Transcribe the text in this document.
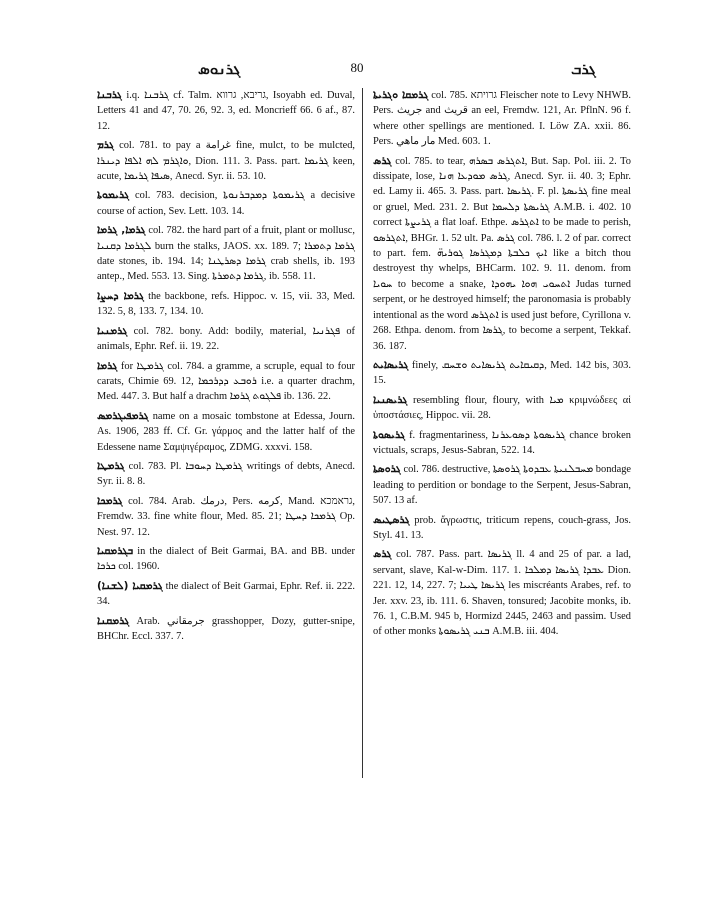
ܓܪܢܘܣ	80	ܓܪܒ

ܓܪܒܢܐ i.q. ܓܪܒܢܐ cf. Talm. גריבא, גרווא, Isoyabh ed. Duval, Letters 41 and 47, 70. 26, 92. 3, ed. Moncrieff 66. 6 af., 87. 12.

ܓܪܡ col. 781. to pay a غرامة fine, mulct, to be mulcted, ܘܐܓܪܡ ܠܗ ܐܠܦܐ ܕܝܢܪܐ, Dion. 111. 3. Pass. part. ܓܪܝܡܐ keen, acute, ܣܝܦܐ ܓܪܝܡܐ, Anecd. Syr. ii. 53. 10.

ܓܪܝܡܘܬܐ col. 783. decision, ܓܪܝܡܘܬܐ ܕܡܕܒܪܢܘܬܐ a decisive course of action, Sev. Lett. 103. 14.

ܓܪܡܐ, ܓܪܡܐ col. 782. the hard part of a fruit, plant or mollusc, ܠܓܪܡܐ ܕܩܢܝܐ burn the stalks, JAOS. xx. 189. 7; ܓܪܡܐ ܕܬܡܪܐ date stones, ib. 194. 14; ܓܪܡܐ ܕܣܪܛܢܐ crab shells, ib. 193 antep., Med. 553. 13. Sing. ܓܪܡܐ ܕܬܡܪܬܐ, ib. 558. 11.

ܓܪܡܐ ܕܚܨܐ the backbone, refs. Hippoc. v. 15, vii. 33, Med. 132. 5, 8, 133. 7, 134. 10.

ܓܪܡܢܝܐ col. 782. bony. Add: bodily, material, ܦܓܪܢܝܐ of animals, Ephr. Ref. ii. 19. 22.

ܓܪܡܐ for ܓܪܡܛܐ col. 784. a gramme, a scruple, equal to four carats, Chimie 69. 12, ܪܘܒܥ ܕܕܪܟܡܐ i.e. a quarter drachm, Med. 447. 3. But half a drachm ܦܠܓܘܬ ܓܪܡܐ ib. 136. 22.

ܓܪܡܦܝܓܪܡܣ name on a mosaic tombstone at Edessa, Journ. As. 1906, 283 ff. Cf. Gr. γάρμος and the latter half of the Edessene name Σαμψιγέραμος, ZDMG. xxxvi. 158.

ܓܪܡܛܐ col. 783. Pl. ܓܪܡܛܐ ܕܚܘܒܐ writings of debts, Anecd. Syr. ii. 8. 8.

ܓܪܡܟܐ col. 784. Arab. درمك, Pers. كرمه, Mand. גראמכא, Fremdw. 33. fine white flour, Med. 85. 21; ܓܪܡܟܐ ܕܚܛܐ Op. Nest. 97. 12.

ܒܓܪܡܩܝܐ in the dialect of Beit Garmai, BA. and BB. under ܟܪܟܐ col. 1960.

ܓܪܡܩܝܐ (ܠܫܢܐ) the dialect of Beit Garmai, Ephr. Ref. ii. 222. 34.

ܓܪܡܩܢܐ Arab. جرمقاني grasshopper, Dozy, gutter-snipe, BHChr. Eccl. 337. 7.

ܓܪܡܩܐ ܘܓܪܝܬܐ col. 785. גרויתא Fleischer note to Levy NHWB. Pers. جريث and قريث an eel, Fremdw. 121, Ar. PflnN. 96 f. where other spellings are mentioned. I. Löw ZA. xxii. 86. Pers. مار ماهي Med. 603. 1.

ܓܪܣ col. 785. to tear, ܐܬܓܪܣ ܒܣܪܗ, But. Sap. Pol. iii. 2. To dissipate, lose, ܓܪܣ ܡܘܕܥܐ ܗܢܐ, Anecd. Syr. ii. 40. 3; Ephr. ed. Lamy ii. 465. 3. Pass. part. ܓܪܝܣܐ. F. pl. ܓܪܝܣܬܐ fine meal or gruel, Med. 231. 2. But ܓܪܝܣܬܐ ܕܠܚܡܐ A.M.B. i. 402. 10 correct ܓܪܝܨܬܐ a flat loaf. Ethpe. ܐܬܓܪܣ to be made to perish, ܐܬܓܪܣܘ, BHGr. 1. 52 ult. Pa. ܓܪܣ col. 786. l. 2 of par. correct to part. fem. ܐܝܟ ܟܠܒܬܐ ܕܡܓܪܣܐ ܓܘܪܝܗ̈ like a bitch thou destroyest thy whelps, BHCarm. 102. 9. 11. denom. from ܚܘܝܐ to become a snake, ܐܬܚܘܝ ܗܘܐ ܝܗܘܕܐ Judas turned serpent, or he destroyed himself; the paronomasia is probably intentional as the word ܐܬܓܪܣ is used just before, Cyrillona v. 268. Ethpa. denom. from ܓܪܣܐ, to become a serpent, Tekkaf. 36. 187.

ܓܪܝܣܐܝܬ finely, ܕܩܝܩܐܝܬ ܓܪܝܣܐܝܬ ܘܫܚܩ, Med. 142 bis, 303. 15.

ܓܪܝܣܢܝܐ resembling flour, floury, with ܡܝܐ κριμνώδεες αἱ ὑποστάσιες, Hippoc. vii. 28.

ܓܪܝܣܘܬܐ f. fragmentariness, ܓܪܝܣܘܬܐ ܕܣܘܥܪܢܐ chance broken victuals, scraps, Jesus-Sabran, 522. 14.

ܓܪܘܣܬܐ col. 786. destructive, ܡܚܒܠܢܝܬܐ ܥܒܕܘܬܐ ܓܪܘܣܬܐ bondage leading to perdition or bondage to the Serpent, Jesus-Sabran, 507. 13 af.

ܓܪܣܛܝܣ prob. ἄγρωστις, triticum repens, couch-grass, Jos. Styl. 41. 13.

ܓܪܣ col. 787. Pass. part. ܓܪܝܣܐ ll. 4 and 25 of par. a lad, servant, slave, Kal-w-Dim. 117. 1. ܥܒܕܐ ܓܪܝܣܐ ܕܡܠܟܐ Dion. 221. 12, 14, 227. 7; ܓܪܝܣܐ ܛܝܝܐ les miscréants Arabes, ref. to Jer. xxv. 23, ib. 111. 6. Shaven, tonsured; Jacobite monks, ib. 76. 1, C.B.M. 945 b, Hormizd 2445, 2463 and passim. Used of other monks ܒܢܝ ܓܪܝܣܘܬܐ A.M.B. iii. 404.
